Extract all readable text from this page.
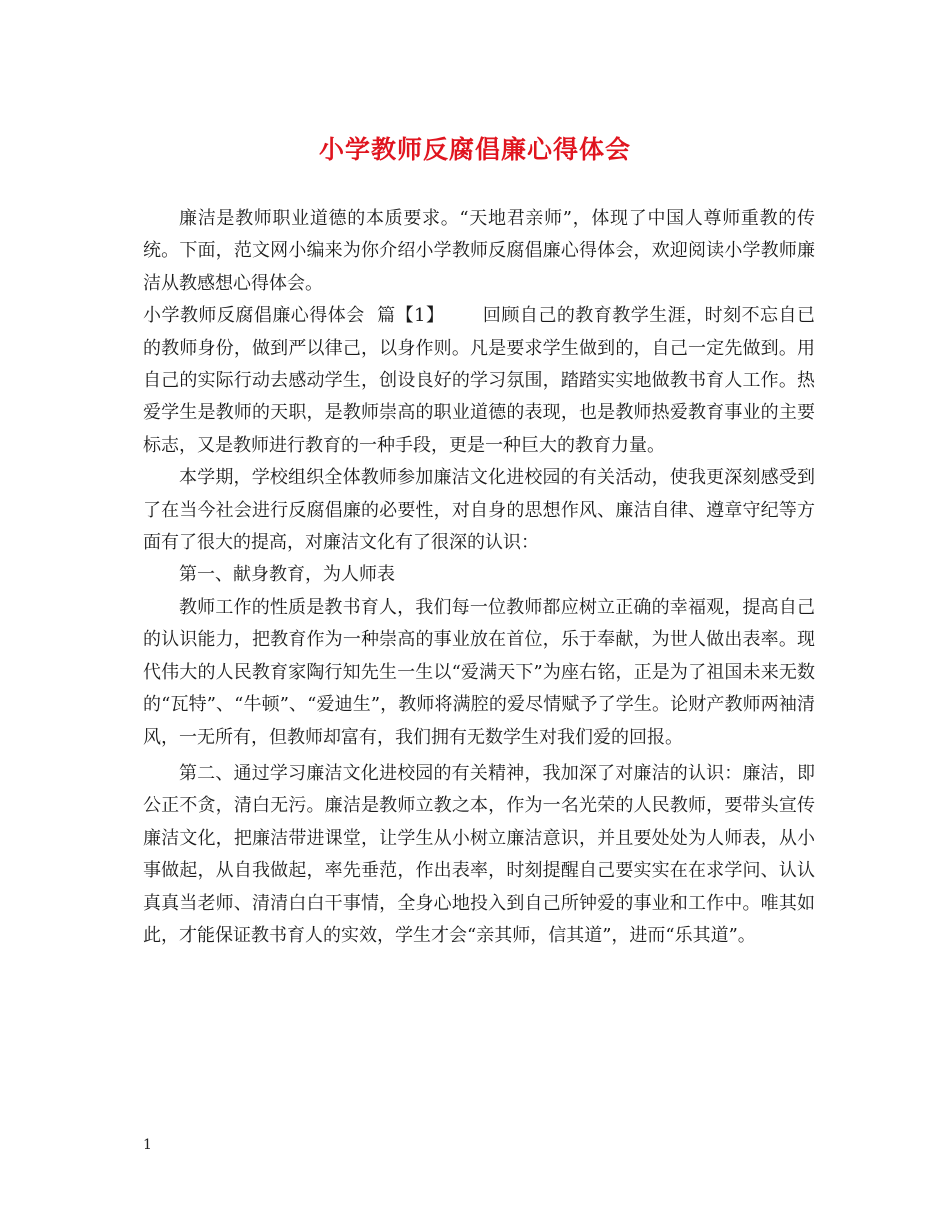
小学教师反腐倡廉心得体会

廉洁是教师职业道德的本质要求。“天地君亲师”，体现了中国人尊师重教的传统。下面，范文网小编来为你介绍小学教师反腐倡廉心得体会，欢迎阅读小学教师廉洁从教感想心得体会。

小学教师反腐倡廉心得体会  篇【1】 回顾自己的教育教学生涯，时刻不忘自已的教师身份，做到严以律己，以身作则。凡是要求学生做到的，自己一定先做到。用自己的实际行动去感动学生，创设良好的学习氛围，踏踏实实地做教书育人工作。热爱学生是教师的天职，是教师崇高的职业道德的表现，也是教师热爱教育事业的主要标志，又是教师进行教育的一种手段，更是一种巨大的教育力量。

本学期，学校组织全体教师参加廉洁文化进校园的有关活动，使我更深刻感受到了在当今社会进行反腐倡廉的必要性，对自身的思想作风、廉洁自律、遵章守纪等方面有了很大的提高，对廉洁文化有了很深的认识：

第一、献身教育，为人师表

教师工作的性质是教书育人，我们每一位教师都应树立正确的幸福观，提高自己的认识能力，把教育作为一种崇高的事业放在首位，乐于奉献，为世人做出表率。现代伟大的人民教育家陶行知先生一生以“爱满天下”为座右铭，正是为了祖国未来无数的“瓦特”、“牛顿”、“爱迪生”，教师将满腔的爱尽情赋予了学生。论财产教师两袖清风，一无所有，但教师却富有，我们拥有无数学生对我们爱的回报。

第二、通过学习廉洁文化进校园的有关精神，我加深了对廉洁的认识：廉洁，即公正不贪，清白无污。廉洁是教师立教之本，作为一名光荣的人民教师，要带头宣传廉洁文化，把廉洁带进课堂，让学生从小树立廉洁意识，并且要处处为人师表，从小事做起，从自我做起，率先垂范，作出表率，时刻提醒自己要实实在在求学问、认认真真当老师、清清白白干事情，全身心地投入到自己所钟爱的事业和工作中。唯其如此，才能保证教书育人的实效，学生才会“亲其师，信其道”，进而“乐其道”。

1
